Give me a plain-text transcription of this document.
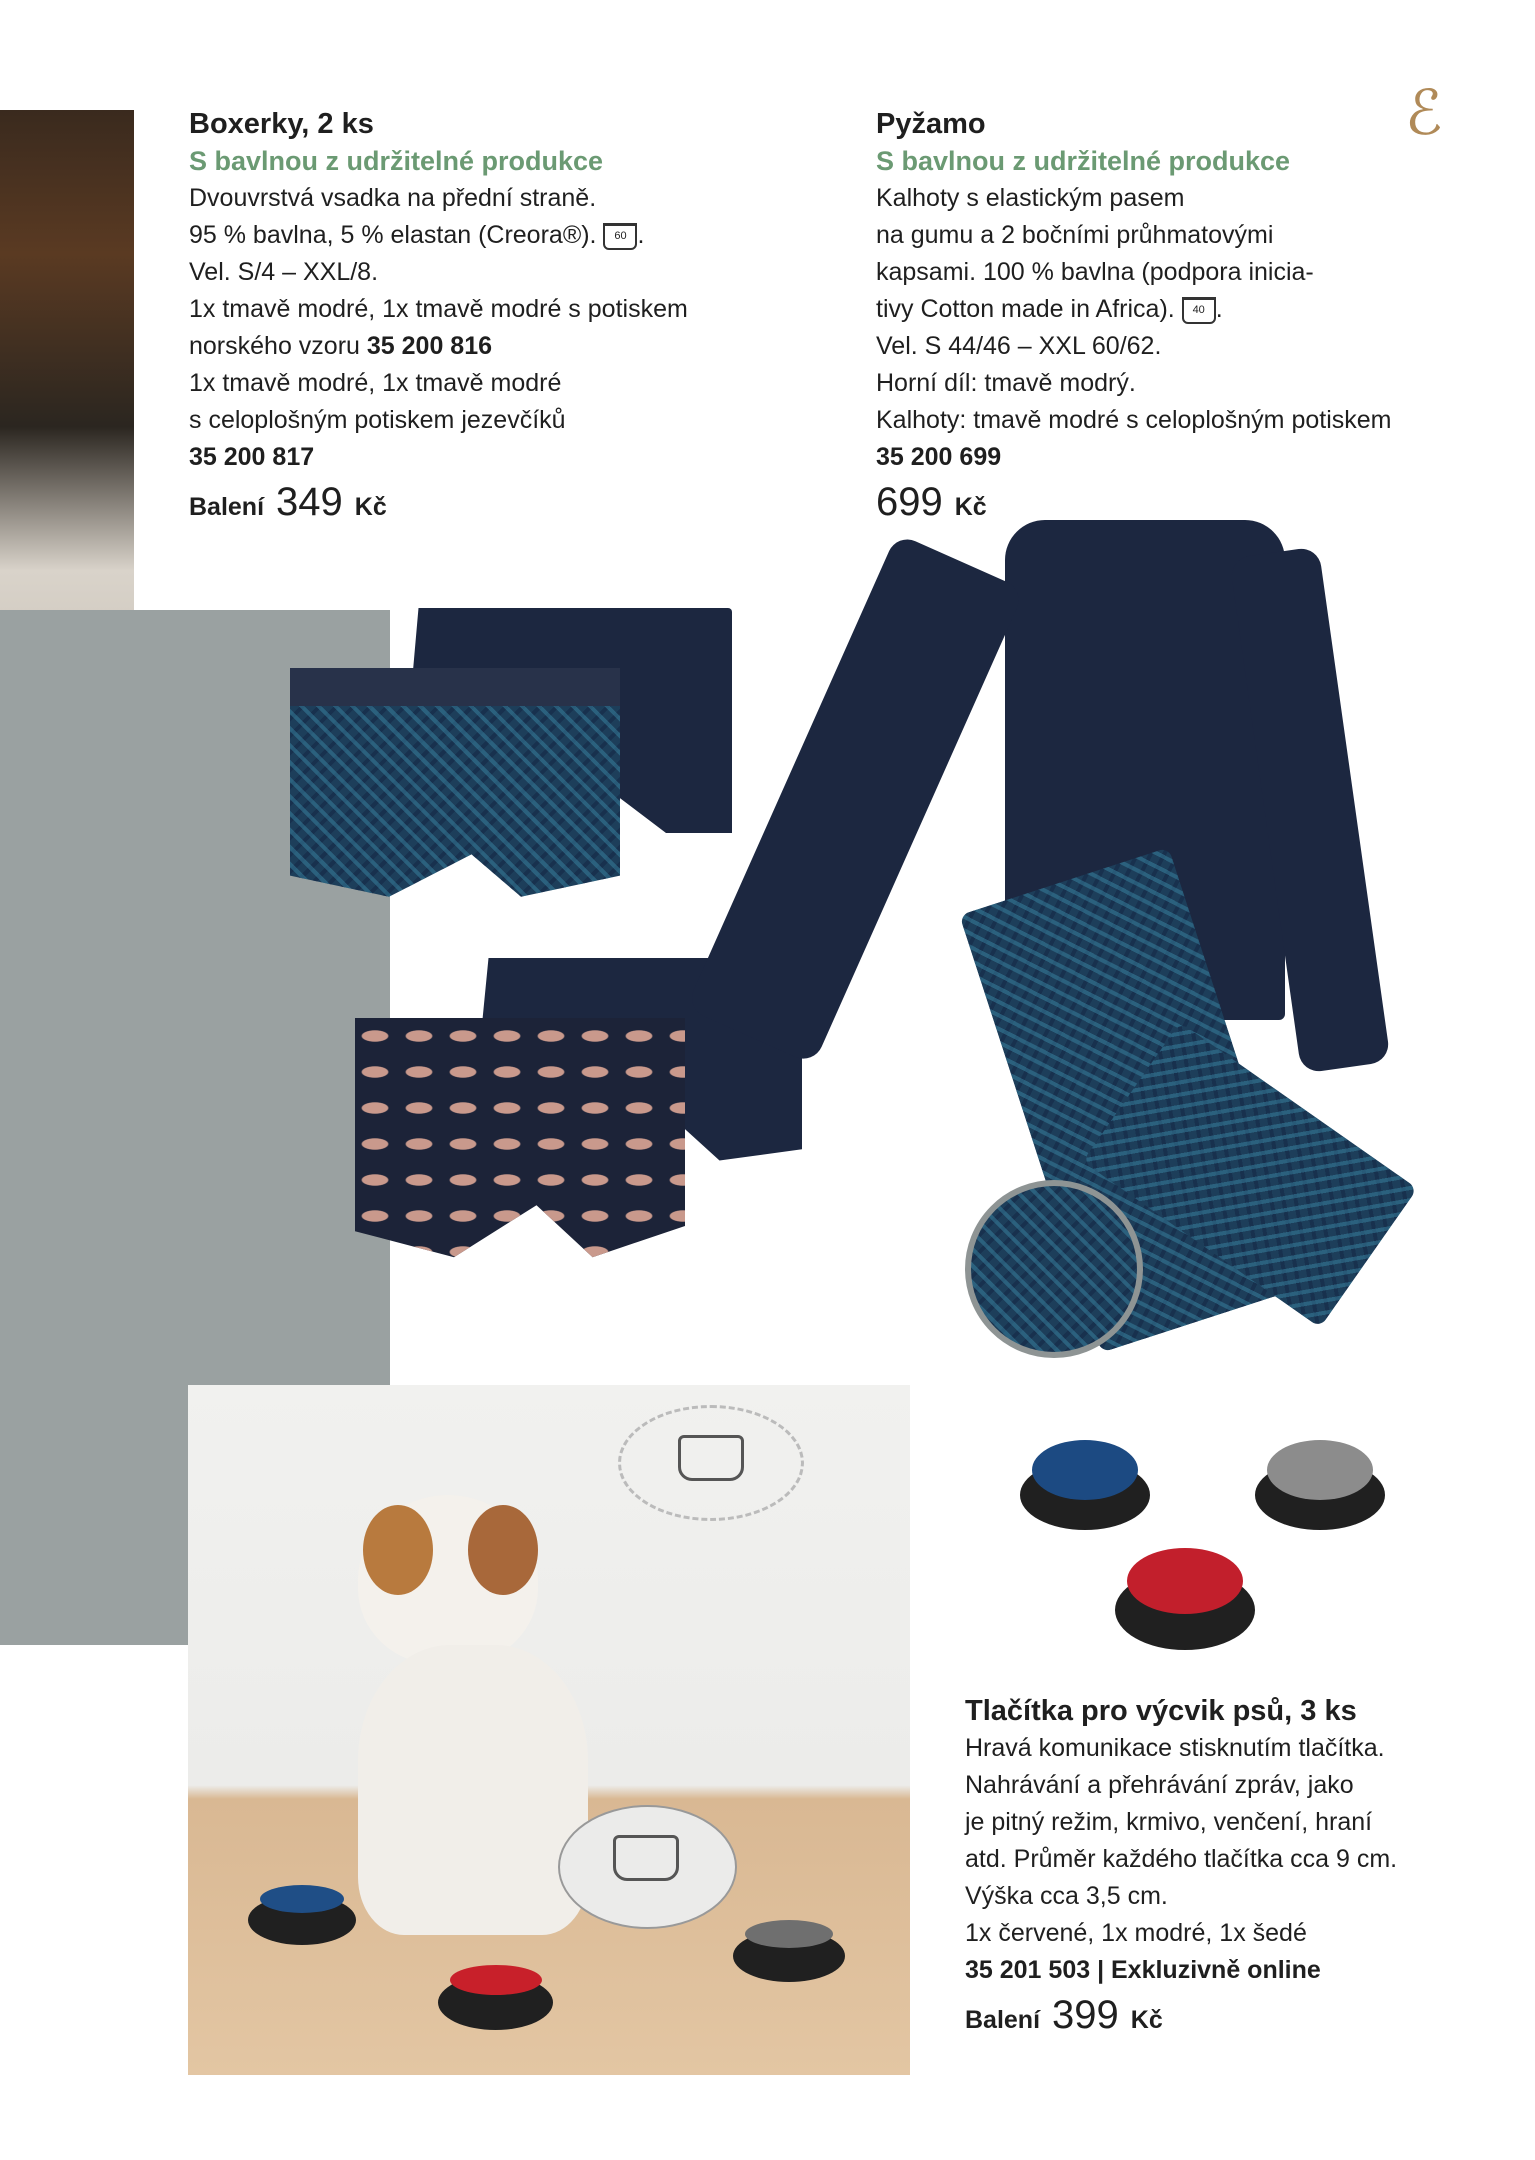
ℰ
Boxerky, 2 ks
S bavlnou z udržitelné produkce
Dvouvrstvá vsadka na přední straně.
95 % bavlna, 5 % elastan (Creora®). 60 .
Vel. S/4 – XXL/8.
1x tmavě modré, 1x tmavě modré s potiskem
norského vzoru 35 200 816
1x tmavě modré, 1x tmavě modré
s celoplošným potiskem jezevčíků
35 200 817
Balení 349 Kč
Pyžamo
S bavlnou z udržitelné produkce
Kalhoty s elastickým pasem
na gumu a 2 bočními průhmatovými
kapsami. 100 % bavlna (podpora inicia-
tivy Cotton made in Africa). 40 .
Vel. S 44/46 – XXL 60/62.
Horní díl: tmavě modrý.
Kalhoty: tmavě modré s celoplošným potiskem
35 200 699
699 Kč
Tlačítka pro výcvik psů, 3 ks
Hravá komunikace stisknutím tlačítka.
Nahrávání a přehrávání zpráv, jako
je pitný režim, krmivo, venčení, hraní
atd. Průměr každého tlačítka cca 9 cm.
Výška cca 3,5 cm.
1x červené, 1x modré, 1x šedé
35 201 503 | Exkluzivně online
Balení 399 Kč
